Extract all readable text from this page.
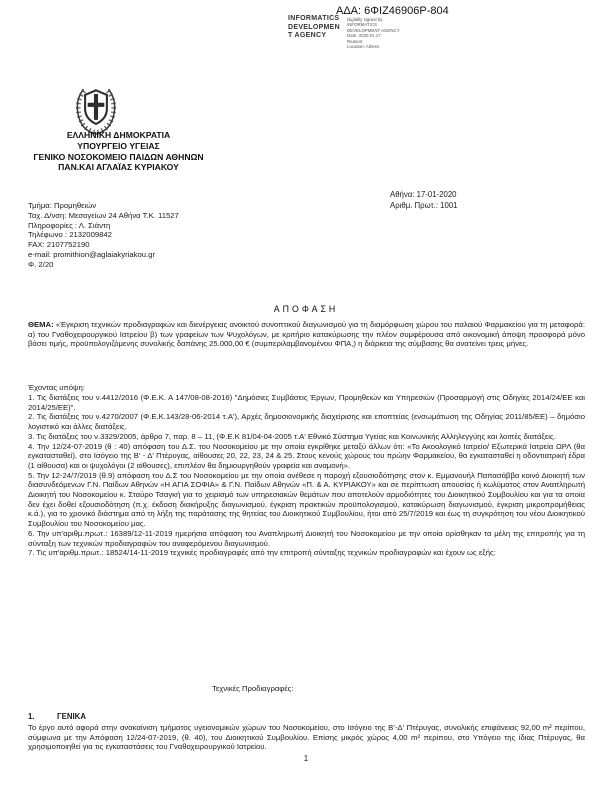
ΑΔΑ: 6ΦΙΖ46906Ρ-804
INFORMATICS
DEVELOPMEN
T AGENCY
Digitally signed by
INFORMATICS
DEVELOPMENT AGENCY
Date: 2020.01.17
Reason:
Location: Athens
ΕΛΛΗΝΙΚΗ ΔΗΜΟΚΡΑΤΙΑ
ΥΠΟΥΡΓΕΙΟ ΥΓΕΙΑΣ
ΓΕΝΙΚΟ ΝΟΣΟΚΟΜΕΙΟ ΠΑΙΔΩΝ ΑΘΗΝΩΝ
ΠΑΝ.ΚΑΙ ΑΓΛΑΪΑΣ ΚΥΡΙΑΚΟΥ
Αθήνα: 17-01-2020
Αριθμ. Πρωτ.: 1001
Τμήμα: Προμηθειών
Ταχ. Δ/νση: Μεσογείων 24 Αθήνα Τ.Κ. 11527
Πληροφορίες : Λ. Σιάντη
Τηλέφωνο : 2132009842
FAX: 2107752190
e-mail: promithion@aglaiakyriakou.gr
Φ. 2/20
ΑΠΟΦΑΣΗ
ΘΕΜΑ: «Έγκριση τεχνικών προδιαγραφών και διενέργειας ανοικτού συνοπτικού διαγωνισμού για τη διαμόρφωση χώρου του παλαιού Φαρμακείου για τη μεταφορά: α) του Γναθοχειρουργικού Ιατρείου β) των γραφείων των Ψυχολόγων, με κριτήριο κατακύρωσης την πλέον συμφέρουσα από οικονομική άποψη προσφορά μόνο βάσει τιμής, προϋπολογιζόμενης συνολικής δαπάνης 25.000,00 € (συμπεριλαμβανομένου ΦΠΑ,) η διάρκεια της σύμβασης θα ανατείνει τρεις μήνες.
Έχοντας υπόψη:

1. Τις διατάξεις του ν.4412/2016 (Φ.Ε.Κ. Α 147/08-08-2016) "Δημόσιες Συμβάσεις Έργων, Προμηθειών και Υπηρεσιών (Προσαρμογή στις Οδηγίες 2014/24/ΕΕ και 2014/25/ΕΕ)".

2. Τις διατάξεις του ν.4270/2007 (Φ.Ε.Κ.143/28-06-2014 τ.Α'), Αρχές δημοσιονομικής διαχείρισης και εποπτείας (ενσωμάτωση της Οδηγίας 2011/85/ΕΕ) – δημόσιο λογιστικό και άλλες διατάξεις.

3. Τις διατάξεις του ν.3329/2005, άρθρο 7, παρ. 8 – 11, (Φ.Ε.Κ 81/04-04-2005 τ.Α' Εθνικό Σύστημα Υγείας και Κοινωνικής Αλληλεγγύης και λοιπές διατάξεις.

4. Την 12/24-07-2019 (θ : 40) απόφαση του Δ.Σ. του Νοσοκομείου με την οποία εγκρίθηκε μεταξύ άλλων ότι: «Το Ακοολογικό Ιατρείο/ Εξωτερικά Ιατρεία ΩΡΛ (θα εγκατασταθεί), στο Ισόγειο της Β' - Δ' Πτέρυγας, αίθουσες 20, 22, 23, 24 & 25. Στους κενούς χώρους του πρώην Φαρμακείου, θα εγκατασταθεί η οδοντιατρική έδρα (1 αίθουσα) και οι ψυχολόγοι (2 αίθουσες), επιπλέον θα δημιουργηθούν γραφεία και αναμονή».

5. Την 12-24/7/2019 (θ.9) απόφαση του Δ.Σ του Νοσοκομείου με την οποία ανέθεσε η παροχή εξουσιοδότησης στον κ. Εμμανουήλ Παπασάββα κοινό Διοικητή των διασυνδεόμενων Γ.Ν. Παίδων Αθηνών «Η ΑΓΙΑ ΣΟΦΙΑ» & Γ.Ν. Παίδων Αθηνών «Π. & Α. ΚΥΡΙΑΚΟΥ» και σε περίπτωση απουσίας ή κωλύματος στον Αναπληρωτή Διοικητή του Νοσοκομείου κ. Σταύρο Τσαγκή για το χειρισμό των υπηρεσιακών θεμάτων που αποτελούν αρμοδιότητες του Διοικητικού Συμβουλίου και για τα οποία δεν έχει δοθεί εξουσιοδότηση (π.χ. έκδοση διακήρυξης διαγωνισμού, έγκριση πρακτικών προϋπολογισμού, κατακύρωση διαγωνισμού, έγκριση μικροπρομήθειας κ.ά.), για το χρονικό διάστημα από τη λήξη της παράτασης της θητείας του Διοικητικού Συμβουλίου, ήτοι από 25/7/2019 και έως τη συγκρότηση του νέου Διοικητικού Συμβουλίου του Νοσοκομείου μας.

6. Την υπ'αριθμ.πρωτ.: 16389/12-11-2019 ημερήσια απόφαση του Αναπληρωτή Διοικητή του Νοσοκομείου με την οποία ορίσθηκαν τα μέλη της επιτροπής για τη σύνταξη των τεχνικών προδιαγραφών του αναφερόμενου διαγωνισμού.

7. Τις υπ'αριθμ.πρωτ.: 18524/14-11-2019 τεχνικές προδιαγραφές από την επιτροπή σύνταξης τεχνικών προδιαγραφών και έχουν ως εξής:

Τεχνικές Προδιαγραφές:
1.	ΓΕΝΙΚΑ
Το έργο αυτό αφορά στην ανακαίνιση τμήματος υγειονομικών χώρων του Νοσοκομείου, στο Ισόγειο της Β'-Δ' Πτέρυγας, συνολικής επιφάνειας 92,00 m² περίπου, σύμφωνα με την Απόφαση 12/24-07-2019, (θ. 40), του Διοικητικού Συμβουλίου. Επίσης μικρός χώρος 4,00 m² περίπου, στο Υπόγειο της ίδιας Πτέρυγας, θα χρησιμοποιηθεί για τις εγκαταστάσεις του Γναθοχειρουργικού Ιατρείου.
1
